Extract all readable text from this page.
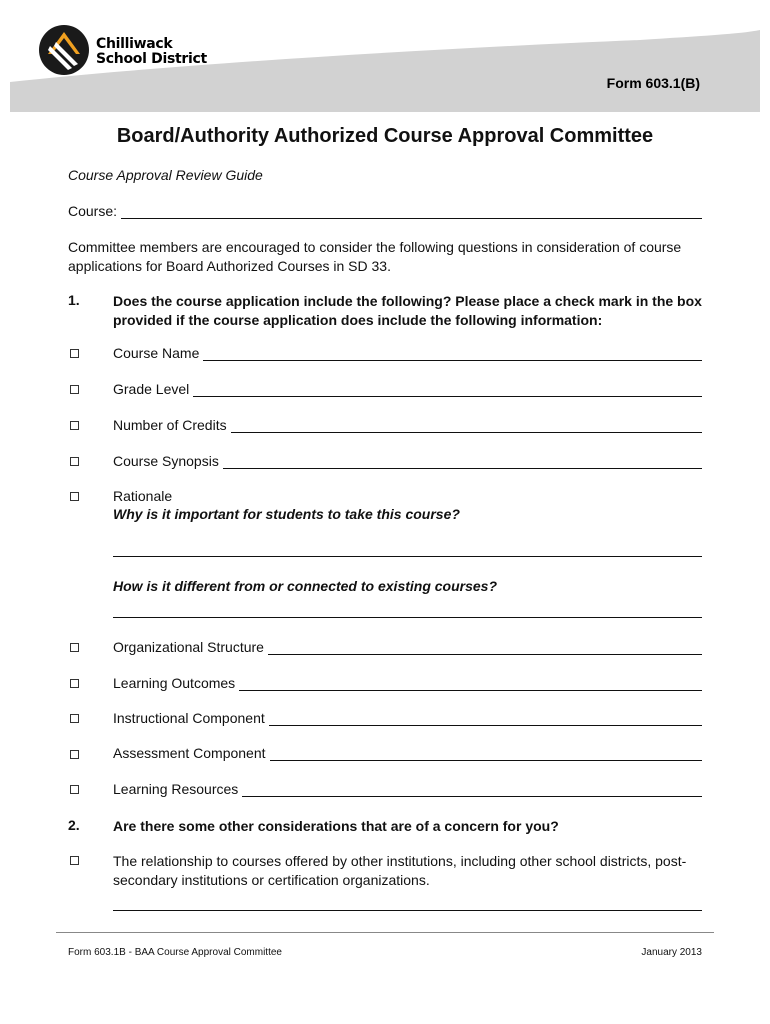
Chilliwack
School District
Form 603.1(B)
Board/Authority Authorized Course Approval Committee
Course Approval Review Guide
Course:
Committee members are encouraged to consider the following questions in consideration of course applications for Board Authorized Courses in SD 33.
1. Does the course application include the following? Please place a check mark in the box provided if the course application does include the following information:
Course Name
Grade Level
Number of Credits
Course Synopsis
Rationale
Why is it important for students to take this course?
How is it different from or connected to existing courses?
Organizational Structure
Learning Outcomes
Instructional Component
Assessment Component
Learning Resources
2. Are there some other considerations that are of a concern for you?
The relationship to courses offered by other institutions, including other school districts, post-secondary institutions or certification organizations.
Form 603.1B - BAA Course Approval Committee	January 2013
